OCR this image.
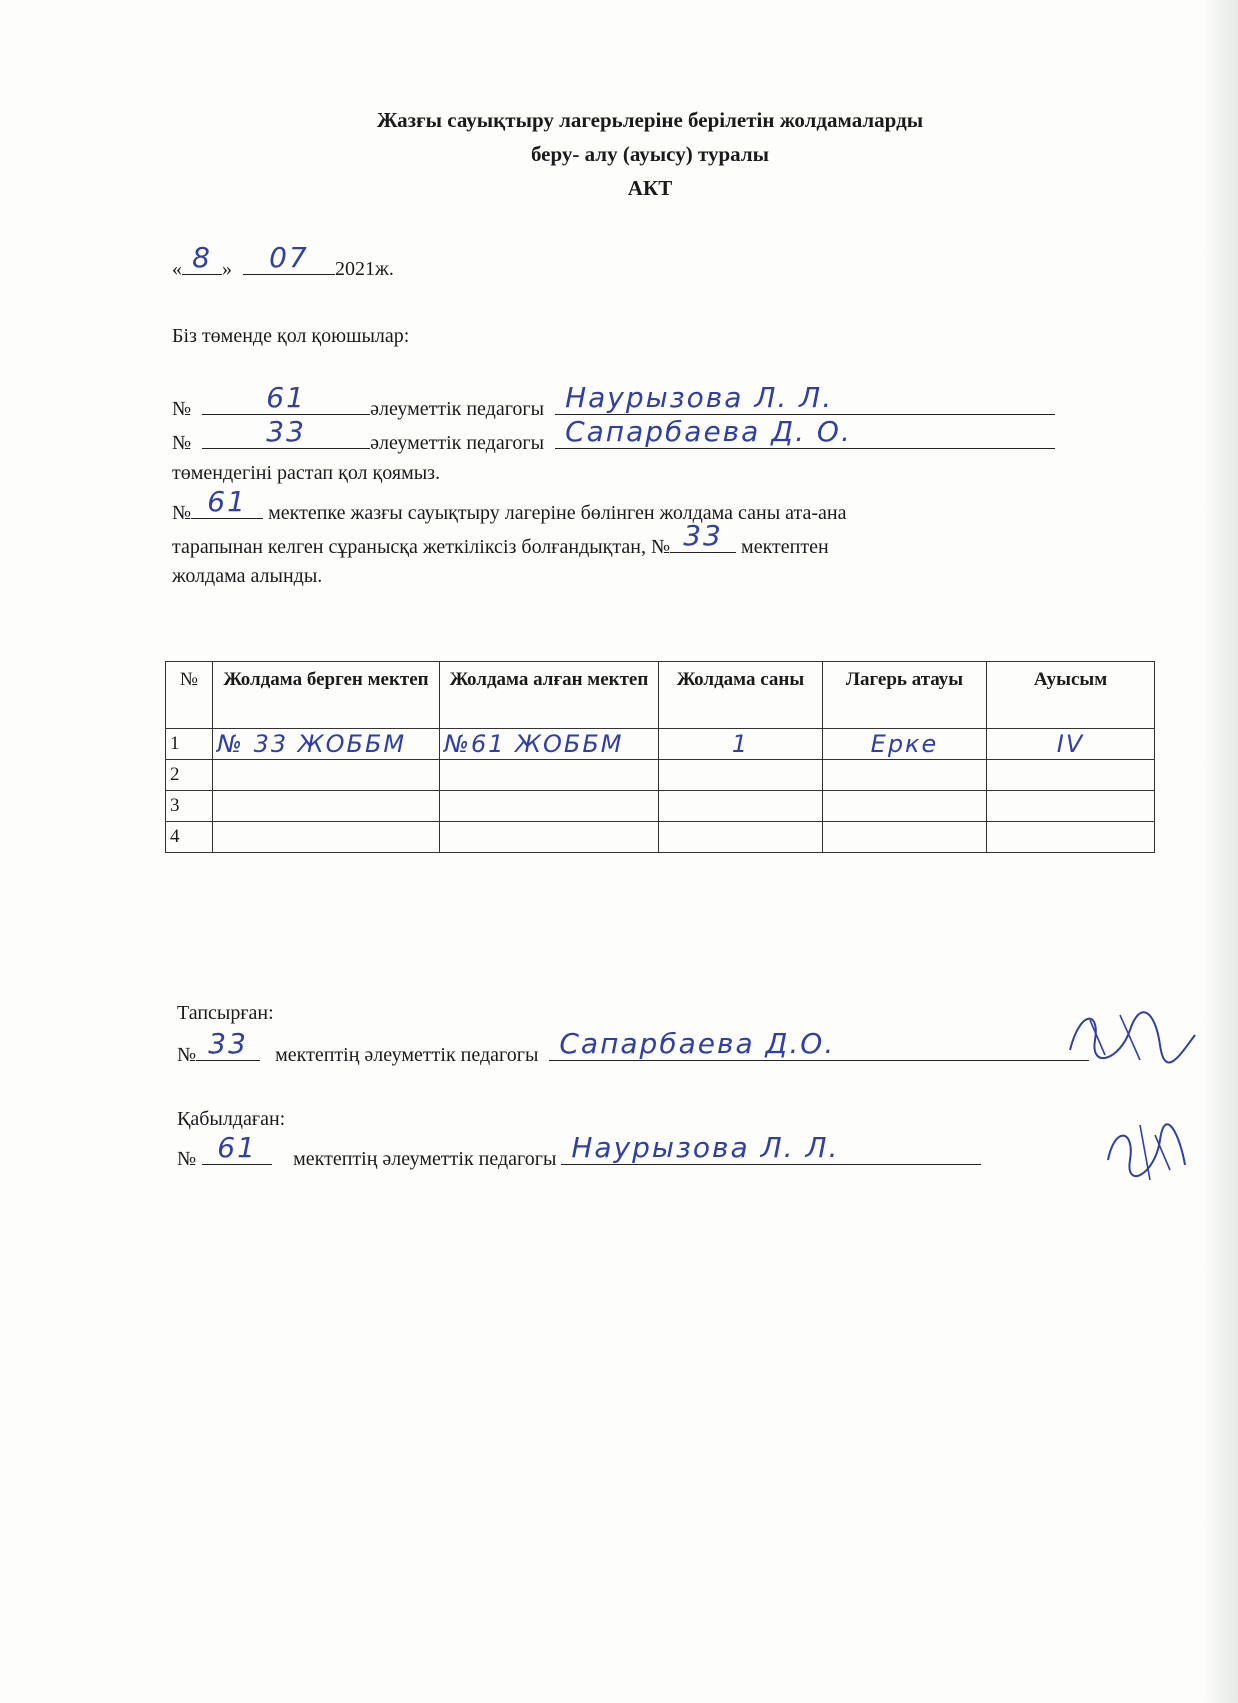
Жазғы сауықтыру лагерьлеріне берілетін жолдамаларды
беру- алу (ауысу) туралы
АКТ
« 8 »	07	2021ж.
Біз төменде қол қоюшылар:
№	61	әлеуметтік педагогы Наурызова Л. Л.
№	33	әлеуметтік педагогы Сапарбаева Д. О.
төмендегіні растап қол қоямыз.
№ 61	мектепке жазғы сауықтыру лагеріне бөлінген жолдама саны ата-ана
тарапынан келген сұранысқа жеткіліксіз болғандықтан, № 33 мектептен
жолдама алынды.
№	Жолдама берген мектеп	Жолдама алған мектеп	Жолдама саны	Лагерь атауы	Ауысым
1	№ 33 ЖОББМ	№61 ЖОББМ	1	Ерке	IV
2					
3					
4					
Тапсырған:
№ 33	мектептің әлеуметтік педагогы Сапарбаева Д.О.
Қабылдаған:
№ 61	мектептің әлеуметтік педагогы Наурызова Л. Л.
